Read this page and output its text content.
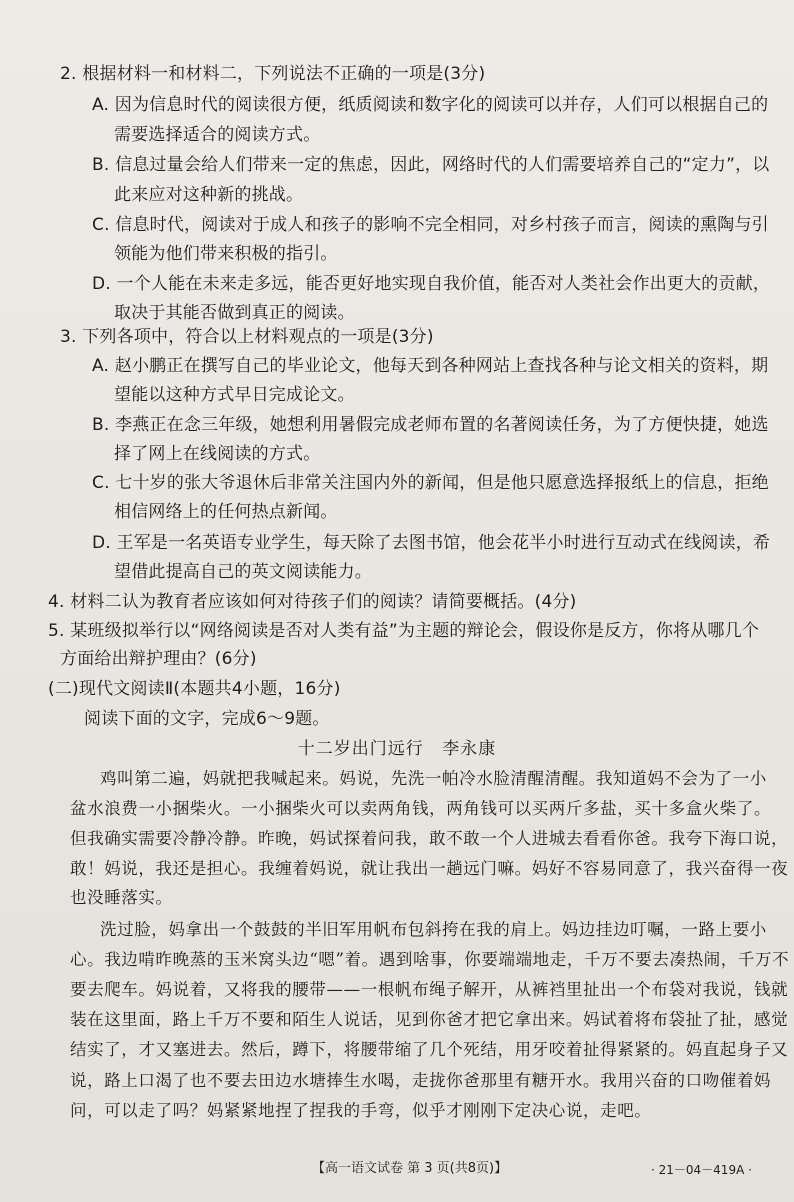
2. 根据材料一和材料二，下列说法不正确的一项是(3分)
A. 因为信息时代的阅读很方便，纸质阅读和数字化的阅读可以并存，人们可以根据自己的
需要选择适合的阅读方式。
B. 信息过量会给人们带来一定的焦虑，因此，网络时代的人们需要培养自己的“定力”，以
此来应对这种新的挑战。
C. 信息时代，阅读对于成人和孩子的影响不完全相同，对乡村孩子而言，阅读的熏陶与引
领能为他们带来积极的指引。
D. 一个人能在未来走多远，能否更好地实现自我价值，能否对人类社会作出更大的贡献，
取决于其能否做到真正的阅读。
3. 下列各项中，符合以上材料观点的一项是(3分)
A. 赵小鹏正在撰写自己的毕业论文，他每天到各种网站上查找各种与论文相关的资料，期
望能以这种方式早日完成论文。
B. 李燕正在念三年级，她想利用暑假完成老师布置的名著阅读任务，为了方便快捷，她选
择了网上在线阅读的方式。
C. 七十岁的张大爷退休后非常关注国内外的新闻，但是他只愿意选择报纸上的信息，拒绝
相信网络上的任何热点新闻。
D. 王军是一名英语专业学生，每天除了去图书馆，他会花半小时进行互动式在线阅读，希
望借此提高自己的英文阅读能力。
4. 材料二认为教育者应该如何对待孩子们的阅读？请简要概括。(4分)
5. 某班级拟举行以“网络阅读是否对人类有益”为主题的辩论会，假设你是反方，你将从哪几个
方面给出辩护理由？(6分)
(二)现代文阅读Ⅱ(本题共4小题，16分)
阅读下面的文字，完成6～9题。
十二岁出门远行 李永康
鸡叫第二遍，妈就把我喊起来。妈说，先洗一帕冷水脸清醒清醒。我知道妈不会为了一小
盆水浪费一小捆柴火。一小捆柴火可以卖两角钱，两角钱可以买两斤多盐，买十多盒火柴了。
但我确实需要冷静冷静。昨晚，妈试探着问我，敢不敢一个人进城去看看你爸。我夸下海口说，
敢！妈说，我还是担心。我缠着妈说，就让我出一趟远门嘛。妈好不容易同意了，我兴奋得一夜
也没睡落实。
洗过脸，妈拿出一个鼓鼓的半旧军用帆布包斜挎在我的肩上。妈边挂边叮嘱，一路上要小
心。我边啃昨晚蒸的玉米窝头边“嗯”着。遇到啥事，你要端端地走，千万不要去凑热闹，千万不
要去爬车。妈说着，又将我的腰带——一根帆布绳子解开，从裤裆里扯出一个布袋对我说，钱就
装在这里面，路上千万不要和陌生人说话，见到你爸才把它拿出来。妈试着将布袋扯了扯，感觉
结实了，才又塞进去。然后，蹲下，将腰带缩了几个死结，用牙咬着扯得紧紧的。妈直起身子又
说，路上口渴了也不要去田边水塘捧生水喝，走拢你爸那里有糖开水。我用兴奋的口吻催着妈
问，可以走了吗？妈紧紧地捏了捏我的手弯，似乎才刚刚下定决心说，走吧。
【高一语文试卷 第 3 页(共8页)】	· 21－04－419A ·
